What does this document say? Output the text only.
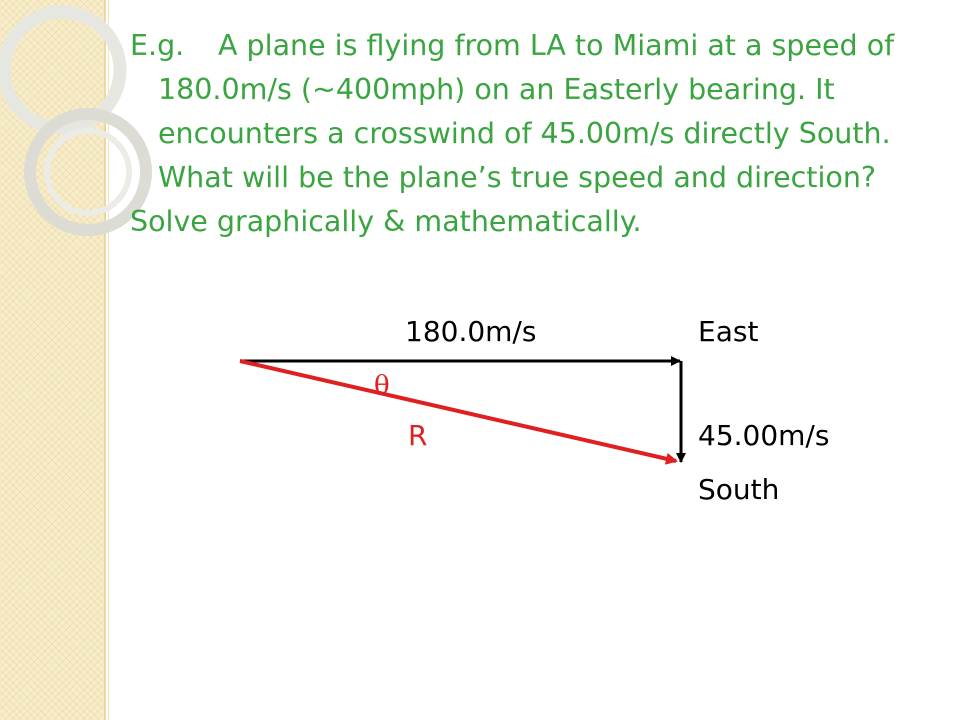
E.g. A plane is flying from LA to Miami at a speed of 180.0m/s (~400mph) on an Easterly bearing. It encounters a crosswind of 45.00m/s directly South. What will be the plane’s true speed and direction?

Solve graphically & mathematically.

180.0m/s	East
θ
R	45.00m/s
South
